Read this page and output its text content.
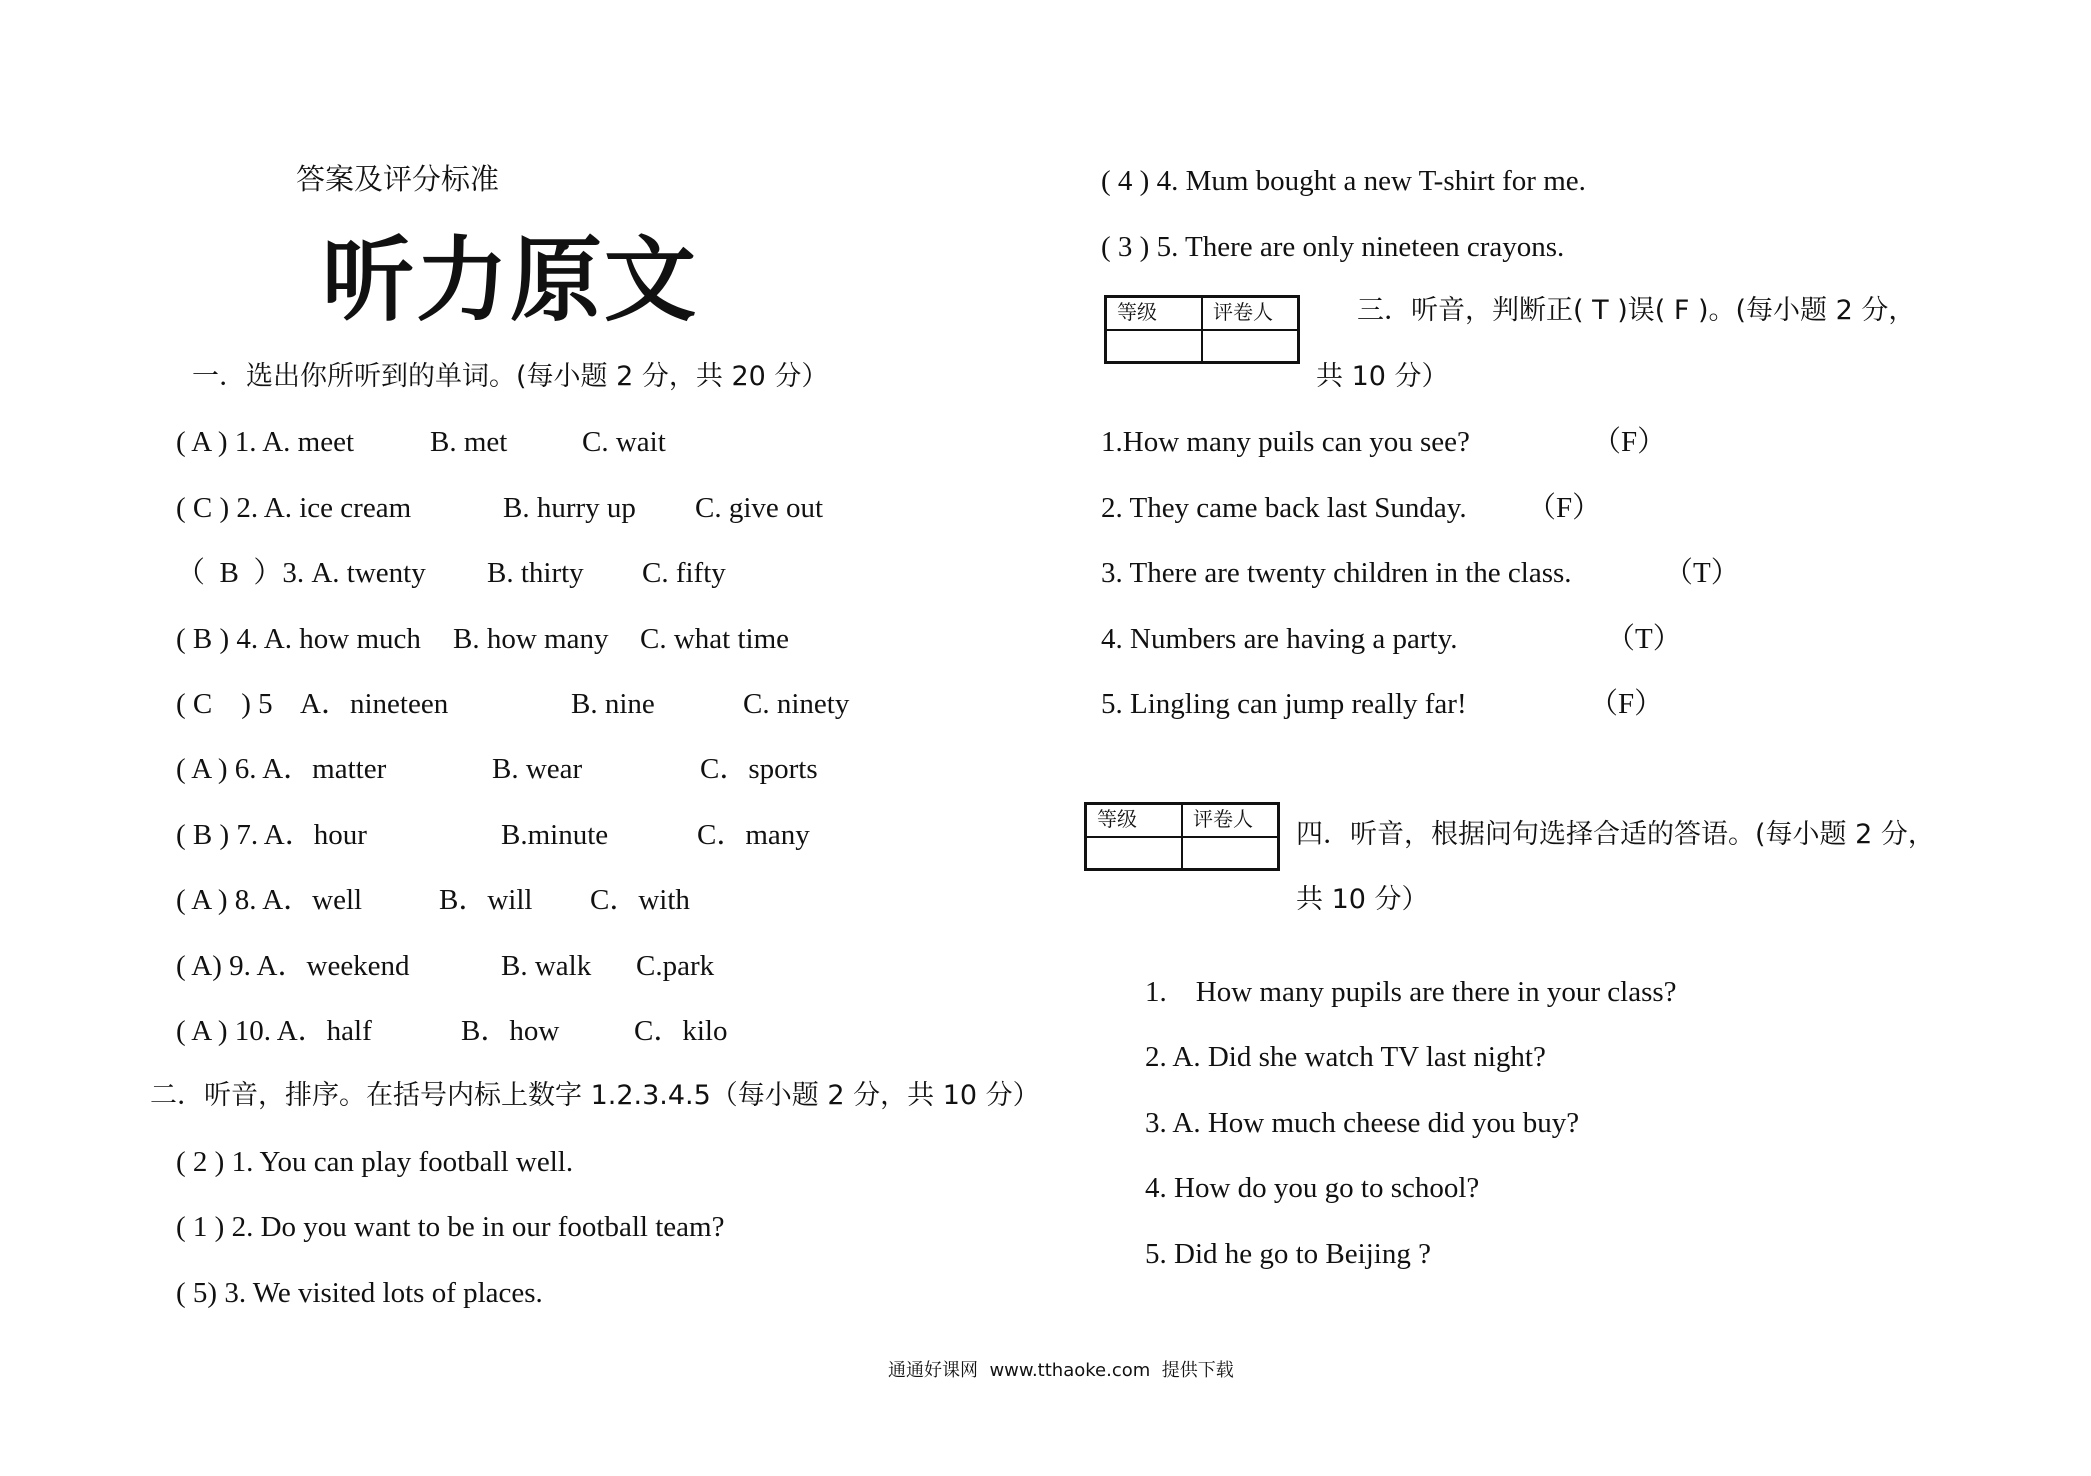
答案及评分标准
听力原文
一．选出你所听到的单词。(每小题 2 分，共 20 分）
( A ) 1. A. meet	B. met	C. wait
( C ) 2. A. ice cream	B. hurry up C. give out
（  B  ）3. A. twenty B. thirty C. fifty
( B ) 4. A. how much B. how many C. what time
( C    ) 5    A．nineteen	B. nine	C. ninety
( A ) 6. A．matter	B. wear	C．sports
( B ) 7. A．hour	B.minute	C．many
( A ) 8. A．well	B．will C．with
( A) 9. A．weekend	B. walk C.park
( A ) 10. A．half	B．how	C．kilo
二．听音，排序。在括号内标上数字 1.2.3.4.5（每小题 2 分，共 10 分）
( 2 ) 1. You can play football well.
( 1 ) 2. Do you want to be in our football team?
( 5) 3. We visited lots of places.
( 4 ) 4. Mum bought a new T-shirt for me.
( 3 ) 5. There are only nineteen crayons.
等级	评卷人	三．听音，判断正( T )误( F )。(每小题 2 分，
共 10 分）
1.How many puils can you see?	（F）
2. They came back last Sunday. （F）
3. There are twenty children in the class.	（T）
4. Numbers are having a party.	（T）
5. Lingling can jump really far!	（F）
等级	评卷人	四．听音，根据问句选择合适的答语。(每小题 2 分，
共 10 分）
1.    How many pupils are there in your class?
2. A. Did she watch TV last night?
3. A. How much cheese did you buy?
4. How do you go to school?
5. Did he go to Beijing ?
通通好课网  www.tthaoke.com  提供下载
